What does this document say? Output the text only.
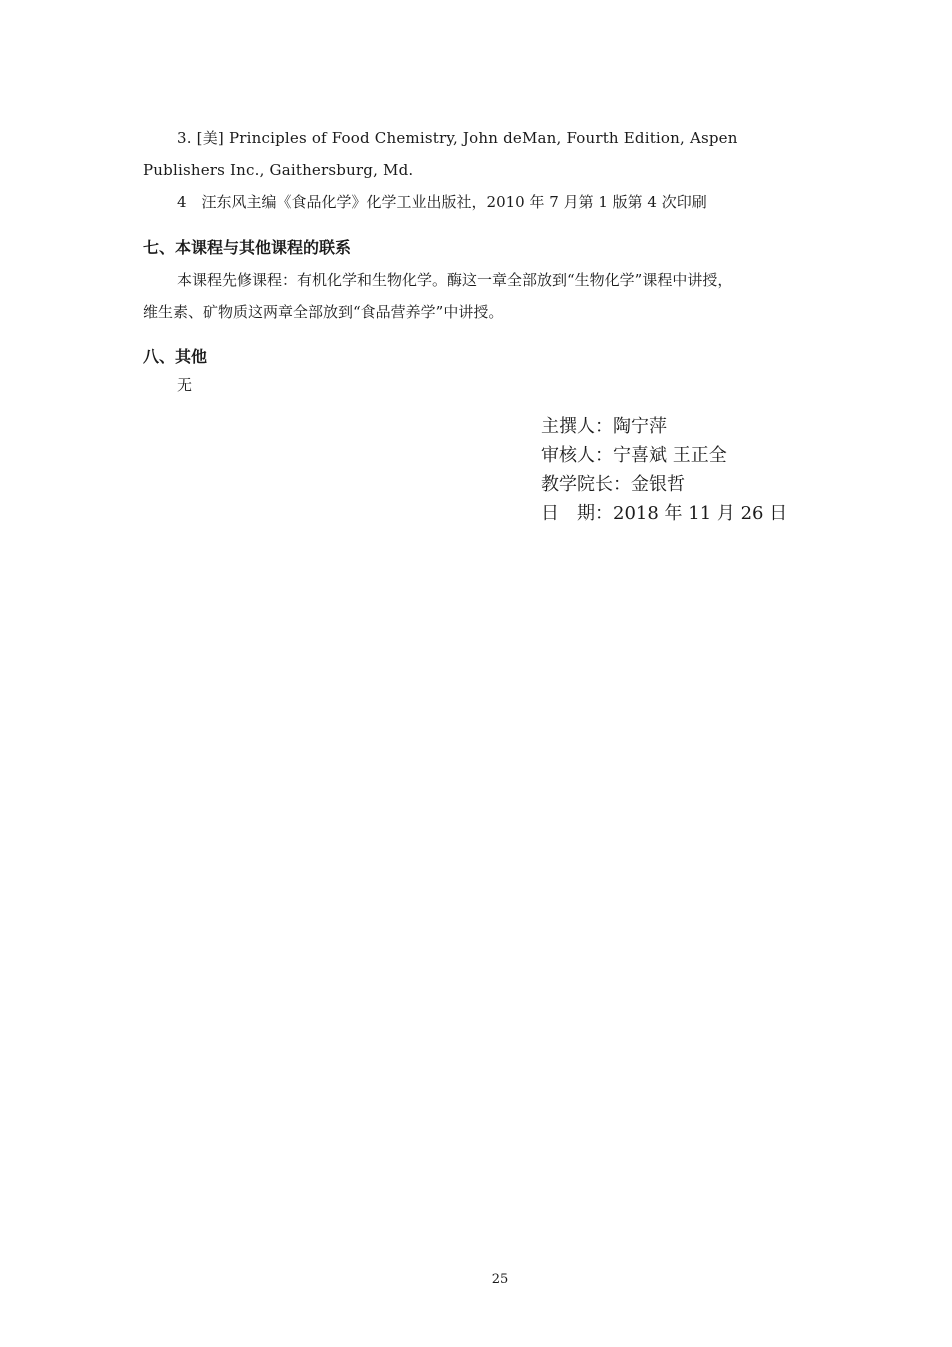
3. [美] Principles of Food Chemistry, John deMan, Fourth Edition, Aspen
Publishers Inc., Gaithersburg, Md.
4　汪东风主编《食品化学》化学工业出版社，2010 年 7 月第 1 版第 4 次印刷
七、本课程与其他课程的联系
本课程先修课程：有机化学和生物化学。酶这一章全部放到“生物化学”课程中讲授，
维生素、矿物质这两章全部放到“食品营养学”中讲授。
八、其他
无
主撰人：陶宁萍
审核人：宁喜斌 王正全
教学院长：金银哲
日　期：2018 年 11 月 26 日
25
